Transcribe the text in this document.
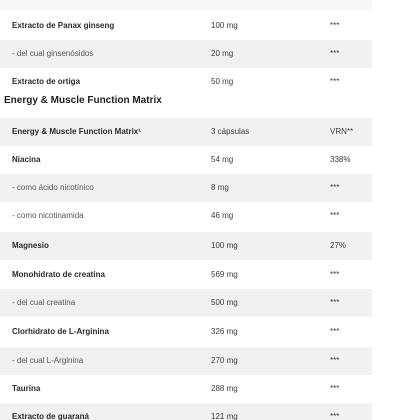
Extracto de Panax ginseng	100 mg	***
- del cual ginsenósidos	20 mg	***
Extracto de ortiga	50 mg	***
Energy & Muscle Function Matrix
Energy & Muscle Function Matrix¹	3 cápsulas	VRN**
Niacina	54 mg	338%
- como ácido nicotínico	8 mg	***
- como nicotinamida	46 mg	***
Magnesio	100 mg	27%
Monohidrato de creatina	569 mg	***
- del cual creatina	500 mg	***
Clorhidrato de L-Arginina	326 mg	***
- del cual L-Arginina	270 mg	***
Taurina	288 mg	***
Extracto de guaraná	121 mg	***
